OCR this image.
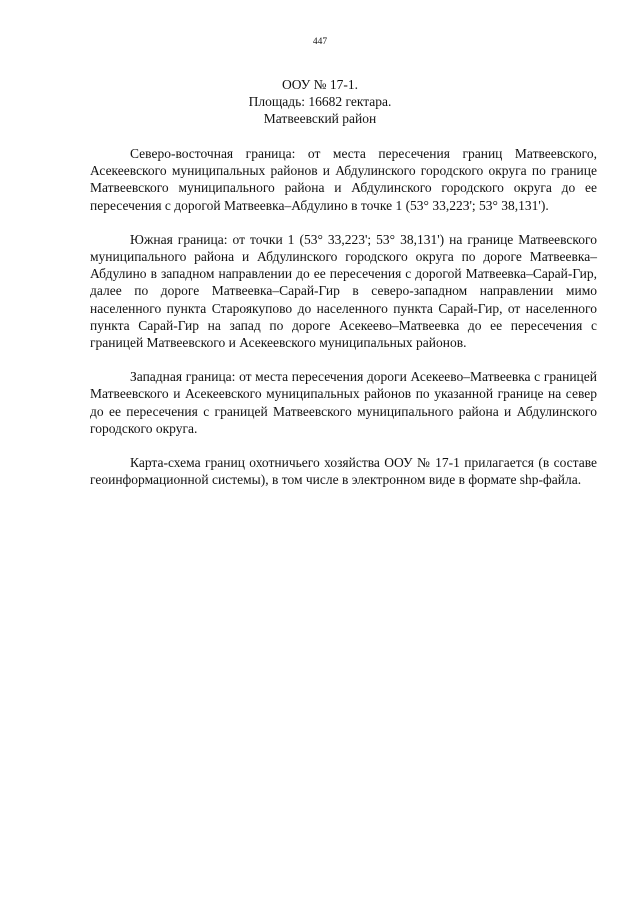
447
ООУ № 17-1.
Площадь: 16682 гектара.
Матвеевский район

Северо-восточная граница: от места пересечения границ Матвеевского, Асекеевского муниципальных районов и Абдулинского городского округа по границе Матвеевского муниципального района и Абдулинского городского округа до ее пересечения с дорогой Матвеевка–Абдулино в точке 1 (53° 33,223'; 53° 38,131').

Южная граница: от точки 1 (53° 33,223'; 53° 38,131') на границе Матвеевского муниципального района и Абдулинского городского округа по дороге Матвеевка–Абдулино в западном направлении до ее пересечения с дорогой Матвеевка–Сарай-Гир, далее по дороге Матвеевка–Сарай-Гир в северо-западном направлении мимо населенного пункта Староякупово до населенного пункта Сарай-Гир, от населенного пункта Сарай-Гир на запад по дороге Асекеево–Матвеевка до ее пересечения с границей Матвеевского и Асекеевского муниципальных районов.

Западная граница: от места пересечения дороги Асекеево–Матвеевка с границей Матвеевского и Асекеевского муниципальных районов по указанной границе на север до ее пересечения с границей Матвеевского муниципального района и Абдулинского городского округа.

Карта-схема границ охотничьего хозяйства ООУ № 17-1 прилагается (в составе геоинформационной системы), в том числе в электронном виде в формате shp-файла.
